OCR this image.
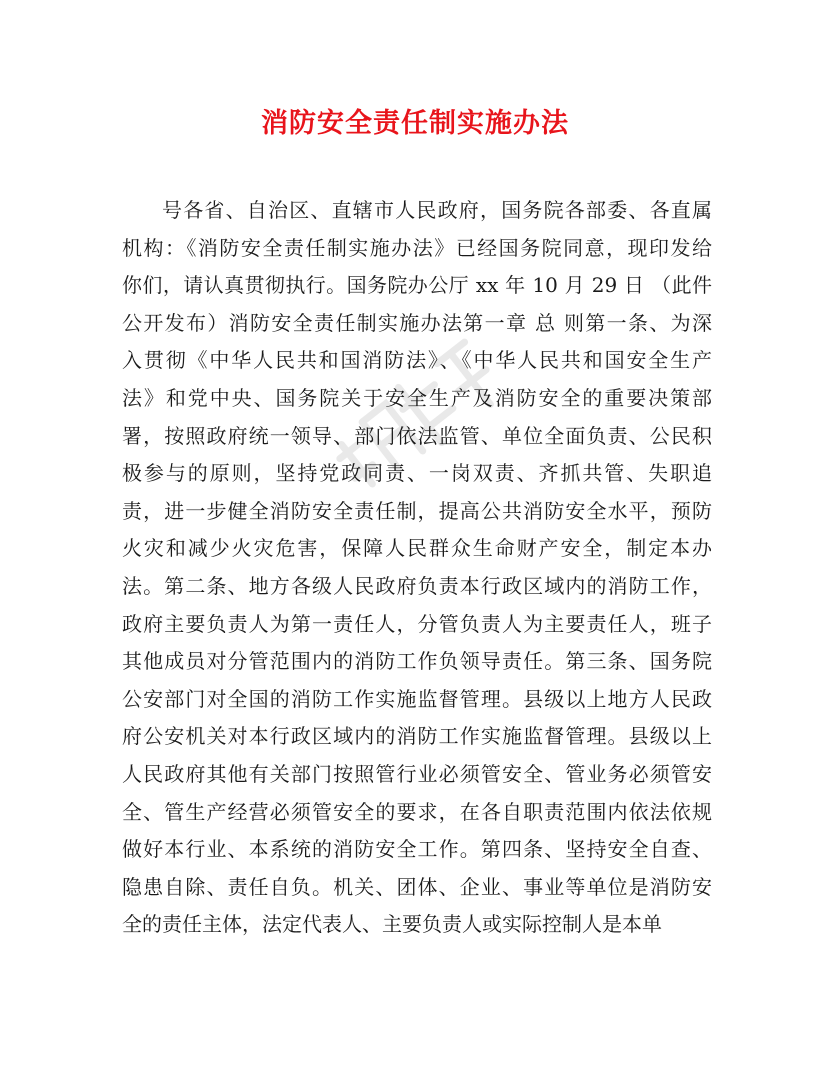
消防安全责任制实施办法
号各省、自治区、直辖市人民政府，国务院各部委、各直属
机构：《消防安全责任制实施办法》已经国务院同意，现印发给
你们，请认真贯彻执行。国务院办公厅 xx 年 10 月 29 日 （此件
公开发布）消防安全责任制实施办法第一章 总 则第一条、为深
入贯彻《中华人民共和国消防法》、《中华人民共和国安全生产
法》和党中央、国务院关于安全生产及消防安全的重要决策部
署，按照政府统一领导、部门依法监管、单位全面负责、公民积
极参与的原则，坚持党政同责、一岗双责、齐抓共管、失职追
责，进一步健全消防安全责任制，提高公共消防安全水平，预防
火灾和减少火灾危害，保障人民群众生命财产安全，制定本办
法。第二条、地方各级人民政府负责本行政区域内的消防工作，
政府主要负责人为第一责任人，分管负责人为主要责任人，班子
其他成员对分管范围内的消防工作负领导责任。第三条、国务院
公安部门对全国的消防工作实施监督管理。县级以上地方人民政
府公安机关对本行政区域内的消防工作实施监督管理。县级以上
人民政府其他有关部门按照管行业必须管安全、管业务必须管安
全、管生产经营必须管安全的要求，在各自职责范围内依法依规
做好本行业、本系统的消防安全工作。第四条、坚持安全自查、
隐患自除、责任自负。机关、团体、企业、事业等单位是消防安
全的责任主体，法定代表人、主要负责人或实际控制人是本单
